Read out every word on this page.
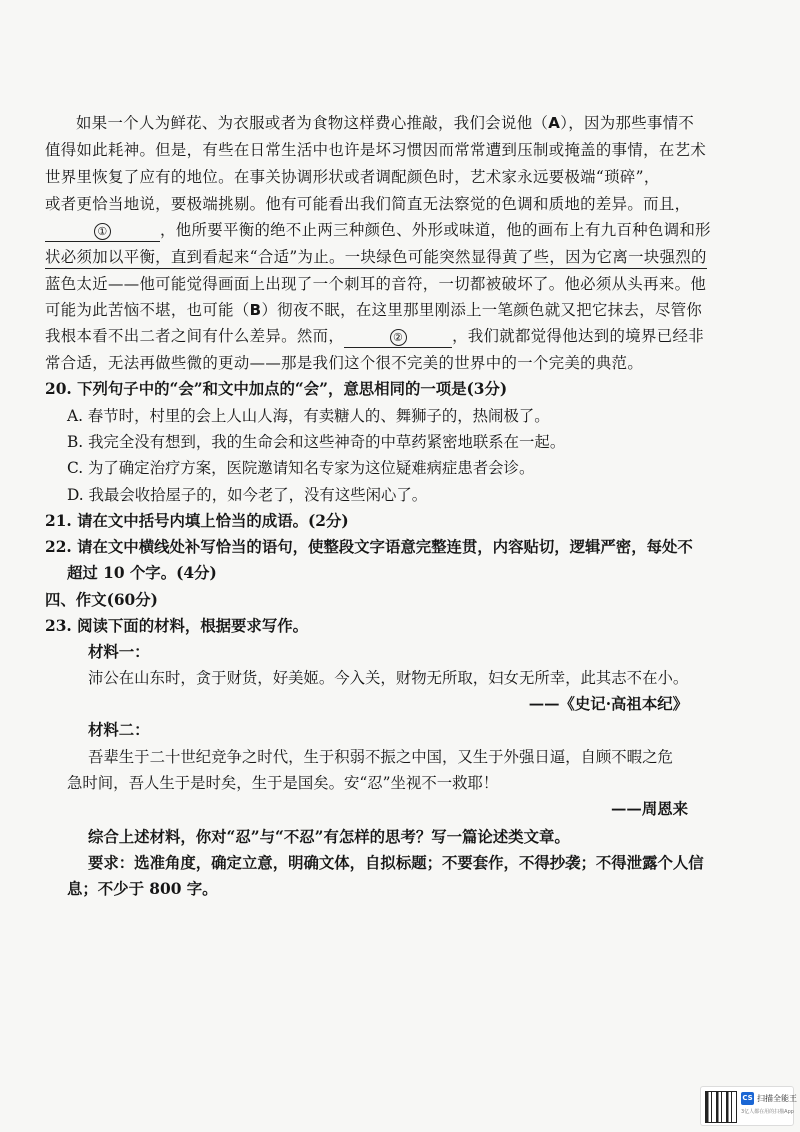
如果一个人为鲜花、为衣服或者为食物这样费心推敲，我们会说他（A），因为那些事情不
值得如此耗神。但是，有些在日常生活中也许是坏习惯因而常常遭到压制或掩盖的事情，在艺术
世界里恢复了应有的地位。在事关协调形状或者调配颜色时，艺术家永远要极端“琐碎”，
或者更恰当地说，要极端挑剔。他有可能看出我们简直无法察觉的色调和质地的差异。而且，
①	，他所要平衡的绝不止两三种颜色、外形或味道，他的画布上有九百种色调和形
状必须加以平衡，直到看起来“合适”为止。一块绿色可能突然显得黄了些，因为它离一块强烈的
蓝色太近——他可能觉得画面上出现了一个刺耳的音符，一切都被破坏了。他必须从头再来。他
可能为此苦恼不堪，也可能（B）彻夜不眠，在这里那里刚添上一笔颜色就又把它抹去，尽管你
我根本看不出二者之间有什么差异。然而，	②	，我们就都觉得他达到的境界已经非
常合适，无法再做些微的更动——那是我们这个很不完美的世界中的一个完美的典范。
20. 下列句子中的“会”和文中加点的“会”，意思相同的一项是(3分)
A. 春节时，村里的会上人山人海，有卖糖人的、舞狮子的，热闹极了。
B. 我完全没有想到，我的生命会和这些神奇的中草药紧密地联系在一起。
C. 为了确定治疗方案，医院邀请知名专家为这位疑难病症患者会诊。
D. 我最会收拾屋子的，如今老了，没有这些闲心了。
21. 请在文中括号内填上恰当的成语。(2分)
22. 请在文中横线处补写恰当的语句，使整段文字语意完整连贯，内容贴切，逻辑严密，每处不
超过 10 个字。(4分)
四、作文(60分)
23. 阅读下面的材料，根据要求写作。
材料一：
沛公在山东时，贪于财货，好美姬。今入关，财物无所取，妇女无所幸，此其志不在小。
——《史记·高祖本纪》
材料二：
吾辈生于二十世纪竞争之时代，生于积弱不振之中国，又生于外强日逼，自顾不暇之危
急时间，吾人生于是时矣，生于是国矣。安“忍”坐视不一救耶！
——周恩来
综合上述材料，你对“忍”与“不忍”有怎样的思考？写一篇论述类文章。
要求：选准角度，确定立意，明确文体，自拟标题；不要套作，不得抄袭；不得泄露个人信
息；不少于 800 字。
CS 扫描全能王
3亿人都在用的扫描App
